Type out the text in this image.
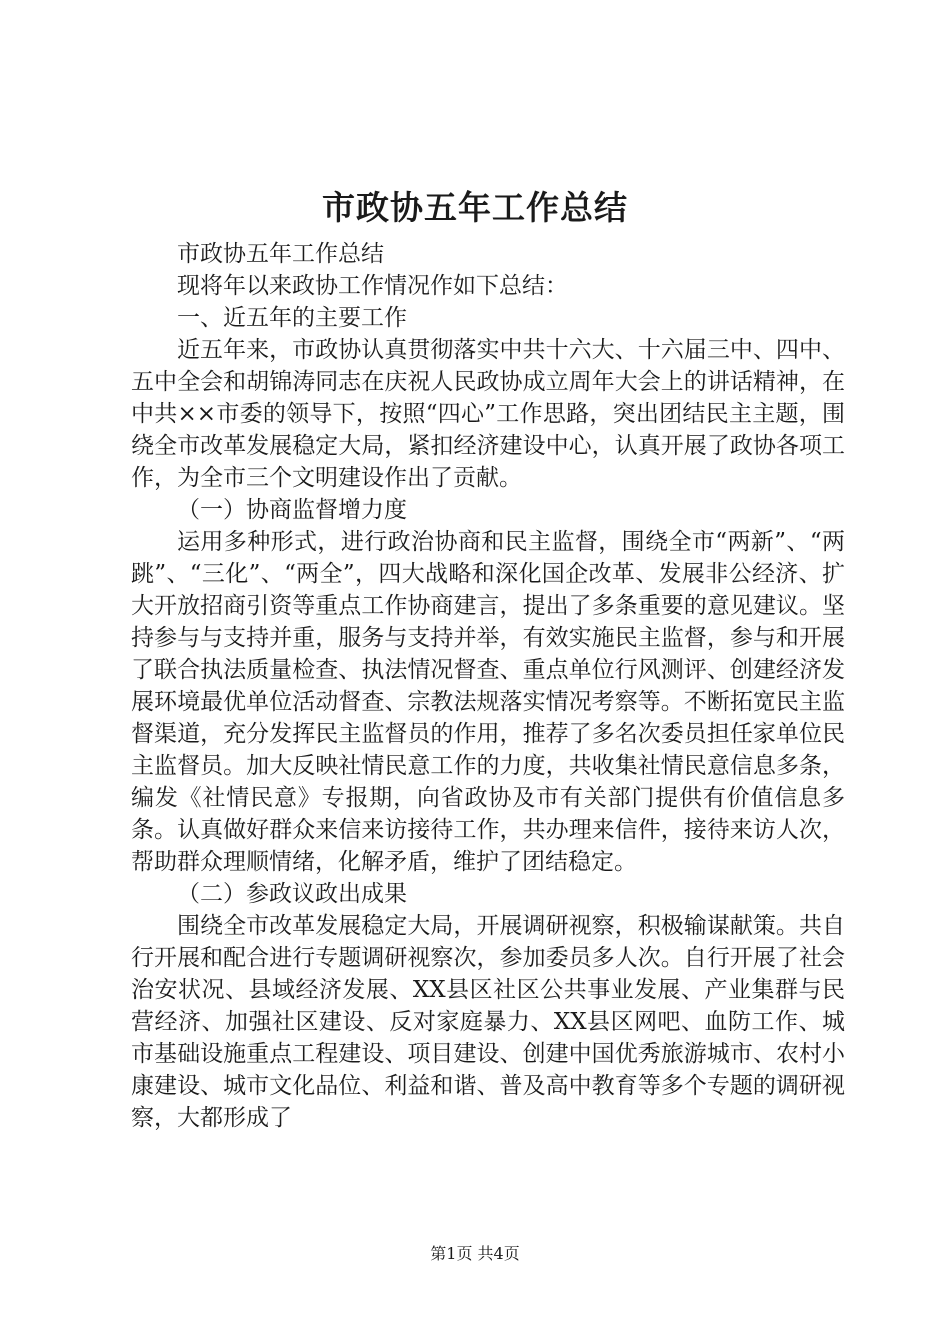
市政协五年工作总结

市政协五年工作总结

现将年以来政协工作情况作如下总结：

一、近五年的主要工作

近五年来，市政协认真贯彻落实中共十六大、十六届三中、四中、五中全会和胡锦涛同志在庆祝人民政协成立周年大会上的讲话精神，在中共××市委的领导下，按照“四心”工作思路，突出团结民主主题，围绕全市改革发展稳定大局，紧扣经济建设中心，认真开展了政协各项工作，为全市三个文明建设作出了贡献。

（一）协商监督增力度

运用多种形式，进行政治协商和民主监督，围绕全市“两新”、“两跳”、“三化”、“两全”，四大战略和深化国企改革、发展非公经济、扩大开放招商引资等重点工作协商建言，提出了多条重要的意见建议。坚持参与与支持并重，服务与支持并举，有效实施民主监督，参与和开展了联合执法质量检查、执法情况督查、重点单位行风测评、创建经济发展环境最优单位活动督查、宗教法规落实情况考察等。不断拓宽民主监督渠道，充分发挥民主监督员的作用，推荐了多名次委员担任家单位民主监督员。加大反映社情民意工作的力度，共收集社情民意信息多条，编发《社情民意》专报期，向省政协及市有关部门提供有价值信息多条。认真做好群众来信来访接待工作，共办理来信件，接待来访人次，帮助群众理顺情绪，化解矛盾，维护了团结稳定。

（二）参政议政出成果

围绕全市改革发展稳定大局，开展调研视察，积极输谋献策。共自行开展和配合进行专题调研视察次，参加委员多人次。自行开展了社会治安状况、县域经济发展、XX县区社区公共事业发展、产业集群与民营经济、加强社区建设、反对家庭暴力、XX县区网吧、血防工作、城市基础设施重点工程建设、项目建设、创建中国优秀旅游城市、农村小康建设、城市文化品位、利益和谐、普及高中教育等多个专题的调研视察，大都形成了

第1页 共4页
